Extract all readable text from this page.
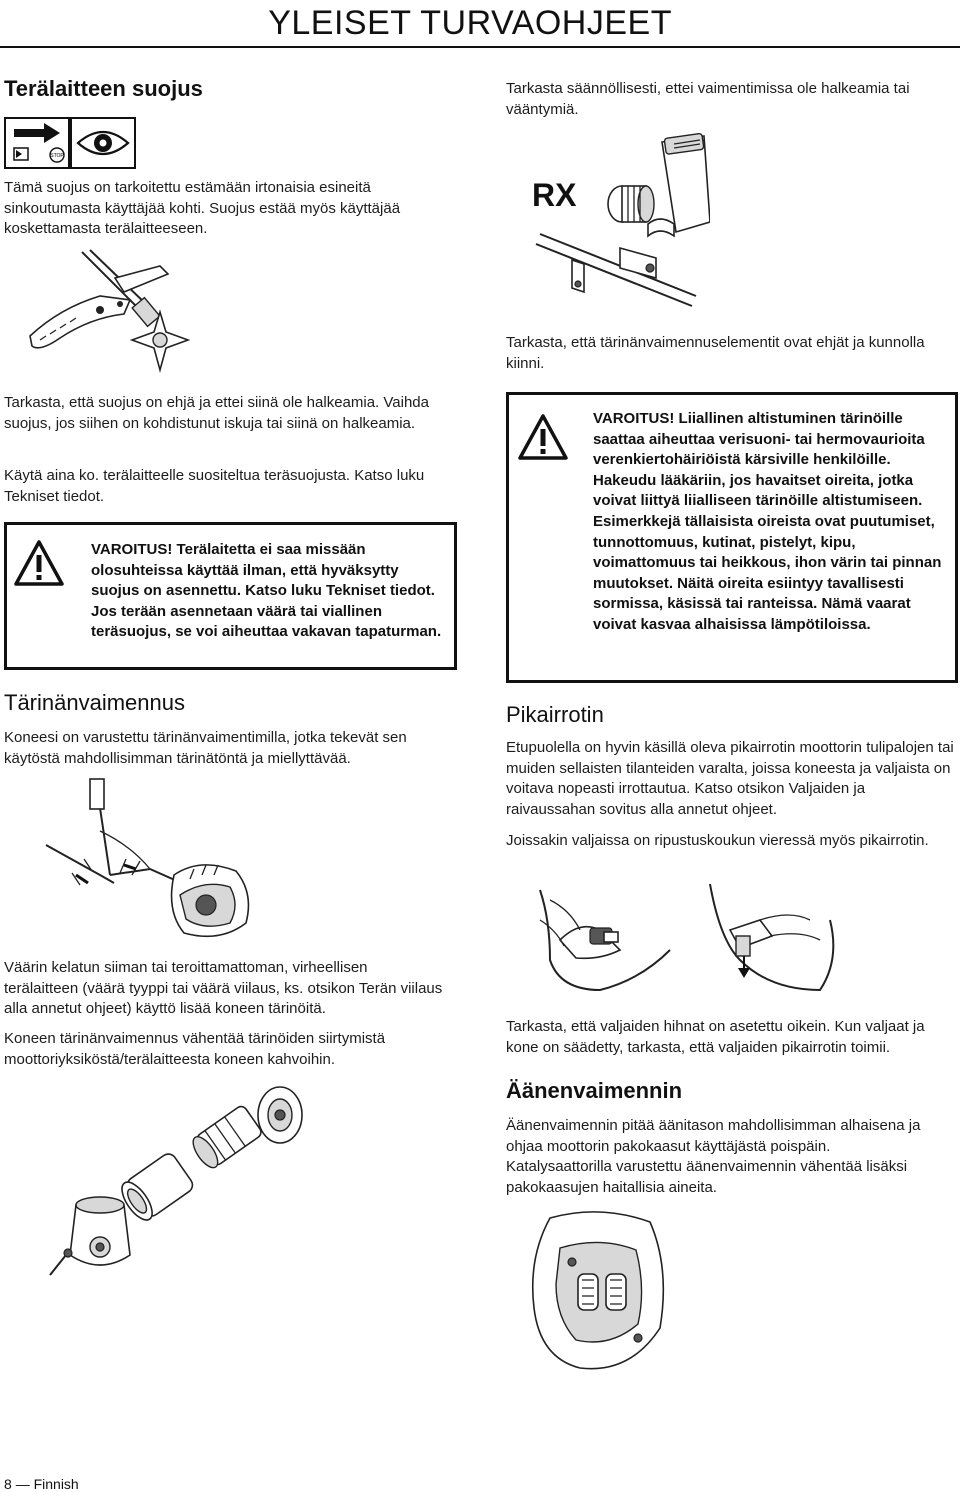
YLEISET TURVAOHJEET
Terälaitteen suojus
STOP

Tämä suojus on tarkoitettu estämään irtonaisia esineitä sinkoutumasta käyttäjää kohti. Suojus estää myös käyttäjää koskettamasta terälaitteeseen.

Tarkasta, että suojus on ehjä ja ettei siinä ole halkeamia. Vaihda suojus, jos siihen on kohdistunut iskuja tai siinä on halkeamia.

Käytä aina ko. terälaitteelle suositeltua teräsuojusta. Katso luku Tekniset tiedot.

VAROITUS! Terälaitetta ei saa missään olosuhteissa käyttää ilman, että hyväksytty suojus on asennettu. Katso luku Tekniset tiedot. Jos terään asennetaan väärä tai viallinen teräsuojus, se voi aiheuttaa vakavan tapaturman.

Tärinänvaimennus

Koneesi on varustettu tärinänvaimentimilla, jotka tekevät sen käytöstä mahdollisimman tärinätöntä ja miellyttävää.

Väärin kelatun siiman tai teroittamattoman, virheellisen terälaitteen (väärä tyyppi tai väärä viilaus, ks. otsikon Terän viilaus alla annetut ohjeet) käyttö lisää koneen tärinöitä.

Koneen tärinänvaimennus vähentää tärinöiden siirtymistä moottoriyksiköstä/terälaitteesta koneen kahvoihin.

Tarkasta säännöllisesti, ettei vaimentimissa ole halkeamia tai vääntymiä.

RX

Tarkasta, että tärinänvaimennuselementit ovat ehjät ja kunnolla kiinni.

VAROITUS! Liiallinen altistuminen tärinöille saattaa aiheuttaa verisuoni- tai hermovaurioita verenkiertohäiriöistä kärsiville henkilöille. Hakeudu lääkäriin, jos havaitset oireita, jotka voivat liittyä liialliseen tärinöille altistumiseen. Esimerkkejä tällaisista oireista ovat puutumiset, tunnottomuus, kutinat, pistelyt, kipu, voimattomuus tai heikkous, ihon värin tai pinnan muutokset. Näitä oireita esiintyy tavallisesti sormissa, käsissä tai ranteissa. Nämä vaarat voivat kasvaa alhaisissa lämpötiloissa.

Pikairrotin

Etupuolella on hyvin käsillä oleva pikairrotin moottorin tulipalojen tai muiden sellaisten tilanteiden varalta, joissa koneesta ja valjaista on voitava nopeasti irrottautua. Katso otsikon Valjaiden ja raivaussahan sovitus alla annetut ohjeet.

Joissakin valjaissa on ripustuskoukun vieressä myös pikairrotin.

Tarkasta, että valjaiden hihnat on asetettu oikein. Kun valjaat ja kone on säädetty, tarkasta, että valjaiden pikairrotin toimii.

Äänenvaimennin

Äänenvaimennin pitää äänitason mahdollisimman alhaisena ja ohjaa moottorin pakokaasut käyttäjästä poispäin.

Katalysaattorilla varustettu äänenvaimennin vähentää lisäksi pakokaasujen haitallisia aineita.

8 — Finnish
